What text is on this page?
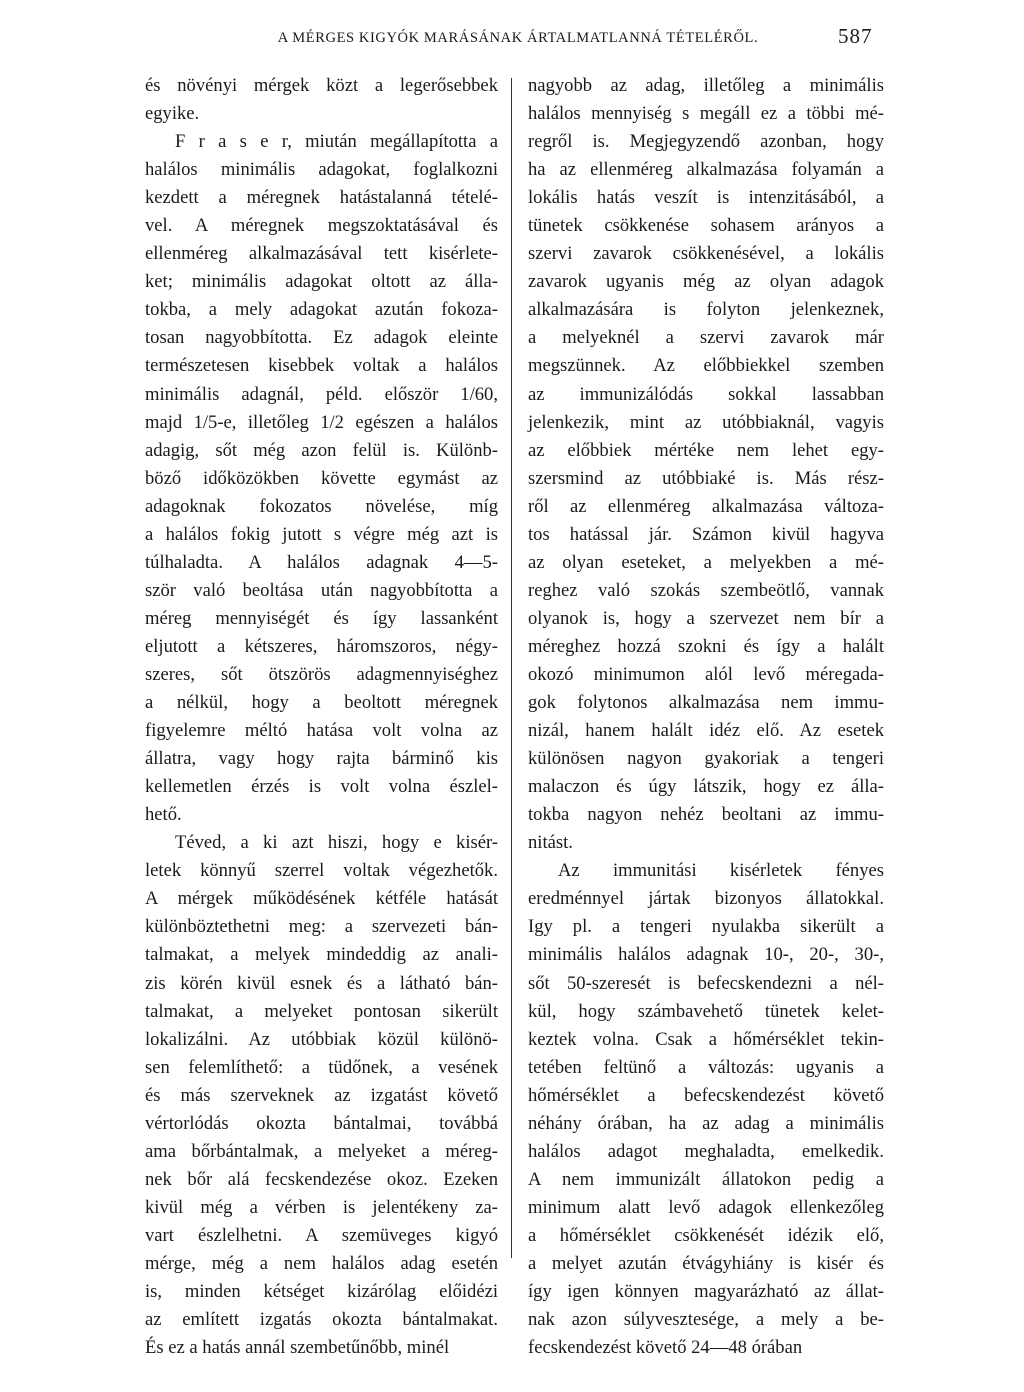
A MÉRGES KIGYÓK MARÁSÁNAK ÁRTALMATLANNÁ TÉTELÉRŐL.	587
és növényi mérgek közt a legerősebbek
egyike.
F r a s e r, miután megállapította a
halálos minimális adagokat, foglalkozni
kezdett a méregnek hatástalanná tételé-
vel. A méregnek megszoktatásával és
ellenméreg alkalmazásával tett kisérlete-
ket; minimális adagokat oltott az álla-
tokba, a mely adagokat azután fokoza-
tosan nagyobbította. Ez adagok eleinte
természetesen kisebbek voltak a halálos
minimális adagnál, péld. először 1/60,
majd 1/5-e, illetőleg 1/2 egészen a halálos
adagig, sőt még azon felül is. Különb-
böző időközökben követte egymást az
adagoknak fokozatos növelése, míg
a halálos fokig jutott s végre még azt is
túlhaladta. A halálos adagnak 4—5-
ször való beoltása után nagyobbította a
méreg mennyiségét és így lassanként
eljutott a kétszeres, háromszoros, négy-
szeres, sőt ötszörös adagmennyiséghez
a nélkül, hogy a beoltott méregnek
figyelemre méltó hatása volt volna az
állatra, vagy hogy rajta bárminő kis
kellemetlen érzés is volt volna észlel-
hető.
Téved, a ki azt hiszi, hogy e kisér-
letek könnyű szerrel voltak végezhetők.
A mérgek működésének kétféle hatását
különböztethetni meg: a szervezeti bán-
talmakat, a melyek mindeddig az anali-
zis körén kivül esnek és a látható bán-
talmakat, a melyeket pontosan sikerült
lokalizálni. Az utóbbiak közül különö-
sen felemlíthető: a tüdőnek, a vesének
és más szerveknek az izgatást követő
vértorlódás okozta bántalmai, továbbá
ama bőrbántalmak, a melyeket a méreg-
nek bőr alá fecskendezése okoz. Ezeken
kivül még a vérben is jelentékeny za-
vart észlelhetni. A szemüveges kigyó
mérge, még a nem halálos adag esetén
is, minden kétséget kizárólag előidézi
az említett izgatás okozta bántalmakat.
És ez a hatás annál szembetűnőbb, minél
nagyobb az adag, illetőleg a minimális
halálos mennyiség s megáll ez a többi mé-
regről is. Megjegyzendő azonban, hogy
ha az ellenméreg alkalmazása folyamán a
lokális hatás veszít is intenzitásából, a
tünetek csökkenése sohasem arányos a
szervi zavarok csökkenésével, a lokális
zavarok ugyanis még az olyan adagok
alkalmazására is folyton jelenkeznek,
a melyeknél a szervi zavarok már
megszünnek. Az előbbiekkel szemben
az immunizálódás sokkal lassabban
jelenkezik, mint az utóbbiaknál, vagyis
az előbbiek mértéke nem lehet egy-
szersmind az utóbbiaké is. Más rész-
ről az ellenméreg alkalmazása változa-
tos hatással jár. Számon kivül hagyva
az olyan eseteket, a melyekben a mé-
reghez való szokás szembeötlő, vannak
olyanok is, hogy a szervezet nem bír a
méreghez hozzá szokni és így a halált
okozó minimumon alól levő méregada-
gok folytonos alkalmazása nem immu-
nizál, hanem halált idéz elő. Az esetek
különösen nagyon gyakoriak a tengeri
malaczon és úgy látszik, hogy ez álla-
tokba nagyon nehéz beoltani az immu-
nitást.
Az immunitási kisérletek fényes
eredménnyel jártak bizonyos állatokkal.
Igy pl. a tengeri nyulakba sikerült a
minimális halálos adagnak 10-, 20-, 30-,
sőt 50-szeresét is befecskendezni a nél-
kül, hogy számbavehető tünetek kelet-
keztek volna. Csak a hőmérséklet tekin-
tetében feltünő a változás: ugyanis a
hőmérséklet a befecskendezést követő
néhány órában, ha az adag a minimális
halálos adagot meghaladta, emelkedik.
A nem immunizált állatokon pedig a
minimum alatt levő adagok ellenkezőleg
a hőmérséklet csökkenését idézik elő,
a melyet azután étvágyhiány is kisér és
így igen könnyen magyarázható az állat-
nak azon súlyvesztesége, a mely a be-
fecskendezést követő 24—48 órában
